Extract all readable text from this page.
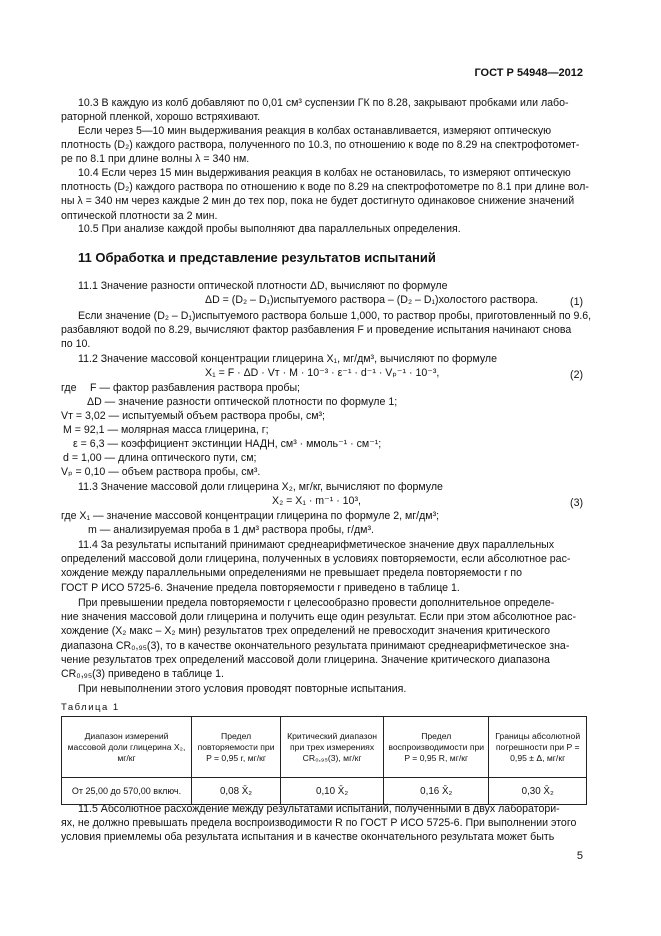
ГОСТ Р 54948—2012
10.3 В каждую из колб добавляют по 0,01 см³ суспензии ГК по 8.28, закрывают пробками или лабо-
раторной пленкой, хорошо встряхивают.
Если через 5—10 мин выдерживания реакция в колбах останавливается, измеряют оптическую
плотность (D₂) каждого раствора, полученного по 10.3, по отношению к воде по 8.29 на спектрофотомет-
ре по 8.1 при длине волны λ = 340 нм.
10.4 Если через 15 мин выдерживания реакция в колбах не остановилась, то измеряют оптическую
плотность (D₂) каждого раствора по отношению к воде по 8.29 на спектрофотометре по 8.1 при длине вол-
ны λ = 340 нм через каждые 2 мин до тех пор, пока не будет достигнуто одинаковое снижение значений
оптической плотности за 2 мин.
10.5 При анализе каждой пробы выполняют два параллельных определения.
11 Обработка и представление результатов испытаний
11.1 Значение разности оптической плотности ΔD, вычисляют по формуле
ΔD = (D₂ – D₁)испытуемого раствора – (D₂ – D₁)холостого раствора.	(1)
Если значение (D₂ – D₁)испытуемого раствора больше 1,000, то раствор пробы, приготовленный по 9.6,
разбавляют водой по 8.29, вычисляют фактор разбавления F и проведение испытания начинают снова
по 10.
11.2 Значение массовой концентрации глицерина X₁, мг/дм³, вычисляют по формуле
X₁ = F · ΔD · Vт · M · 10⁻³ · ε⁻¹ · d⁻¹ · Vₚ⁻¹ · 10⁻³,	(2)
где F — фактор разбавления раствора пробы;
ΔD — значение разности оптической плотности по формуле 1;
Vт = 3,02 — испытуемый объем раствора пробы, см³;
M = 92,1 — молярная масса глицерина, г;
ε = 6,3 — коэффициент экстинции НАДН, см³ · ммоль⁻¹ · см⁻¹;
d = 1,00 — длина оптического пути, см;
Vₚ = 0,10 — объем раствора пробы, см³.
11.3 Значение массовой доли глицерина X₂, мг/кг, вычисляют по формуле
X₂ = X₁ · m⁻¹ · 10³,	(3)
где X₁ — значение массовой концентрации глицерина по формуле 2, мг/дм³;
m — анализируемая проба в 1 дм³ раствора пробы, г/дм³.
11.4 За результаты испытаний принимают среднеарифметическое значение двух параллельных
определений массовой доли глицерина, полученных в условиях повторяемости, если абсолютное рас-
хождение между параллельными определениями не превышает предела повторяемости r по
ГОСТ Р ИСО 5725-6. Значение предела повторяемости r приведено в таблице 1.
При превышении предела повторяемости r целесообразно провести дополнительное определе-
ние значения массовой доли глицерина и получить еще один результат. Если при этом абсолютное рас-
хождение (X₂ макс – X₂ мин) результатов трех определений не превосходит значения критического
диапазона CR₀,₉₅(3), то в качестве окончательного результата принимают среднеарифметическое зна-
чение результатов трех определений массовой доли глицерина. Значение критического диапазона
CR₀,₉₅(3) приведено в таблице 1.
При невыполнении этого условия проводят повторные испытания.
Таблица 1
Диапазон измерений массовой доли глицерина X₂, мг/кг	Предел повторяемости при P = 0,95 r, мг/кг	Критический диапазон при трех измерениях CR₀,₉₅(3), мг/кг	Предел воспроизводимости при P = 0,95 R, мг/кг	Границы абсолютной погрешности при P = 0,95 ± Δ, мг/кг
От 25,00 до 570,00 включ.	0,08 X̄₂	0,10 X̄₂	0,16 X̄₂	0,30 X̄₂
11.5 Абсолютное расхождение между результатами испытаний, полученными в двух лаборатори-
ях, не должно превышать предела воспроизводимости R по ГОСТ Р ИСО 5725-6. При выполнении этого
условия приемлемы оба результата испытания и в качестве окончательного результата может быть
5
